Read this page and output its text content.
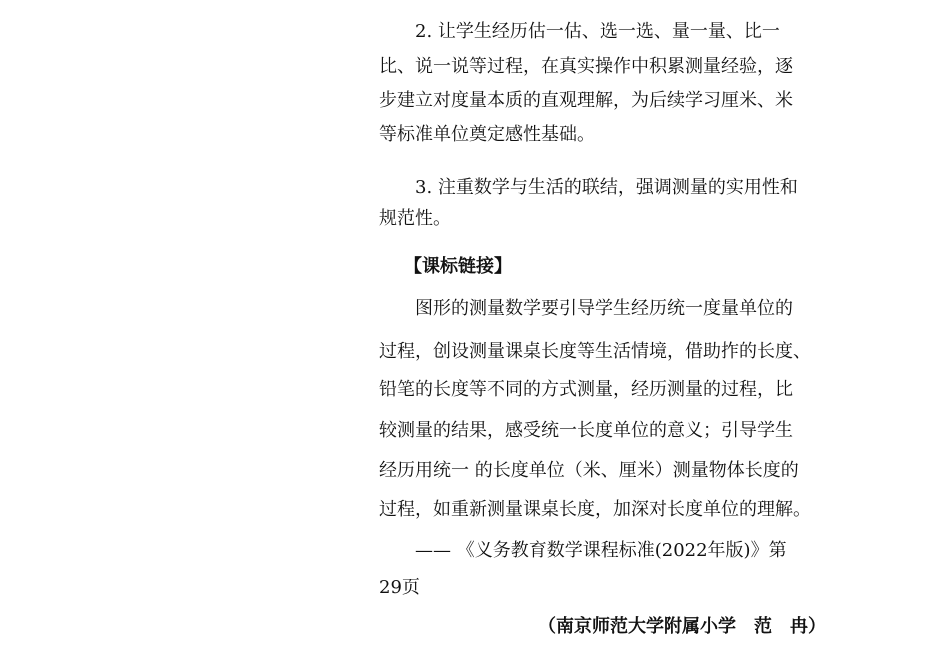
2. 让学生经历估一估、选一选、量一量、比一
比、说一说等过程，在真实操作中积累测量经验，逐
步建立对度量本质的直观理解，为后续学习厘米、米
等标准单位奠定感性基础。
3. 注重数学与生活的联结，强调测量的实用性和
规范性。
【课标链接】
图形的测量数学要引导学生经历统一度量单位的
过程，创设测量课桌长度等生活情境，借助拃的长度、
铅笔的长度等不同的方式测量，经历测量的过程，比
较测量的结果，感受统一长度单位的意义；引导学生
经历用统一 的长度单位（米、厘米）测量物体长度的
过程，如重新测量课桌长度，加深对长度单位的理解。
—— 《义务教育数学课程标准(2022年版)》第
29页
（南京师范大学附属小学　范　冉）
